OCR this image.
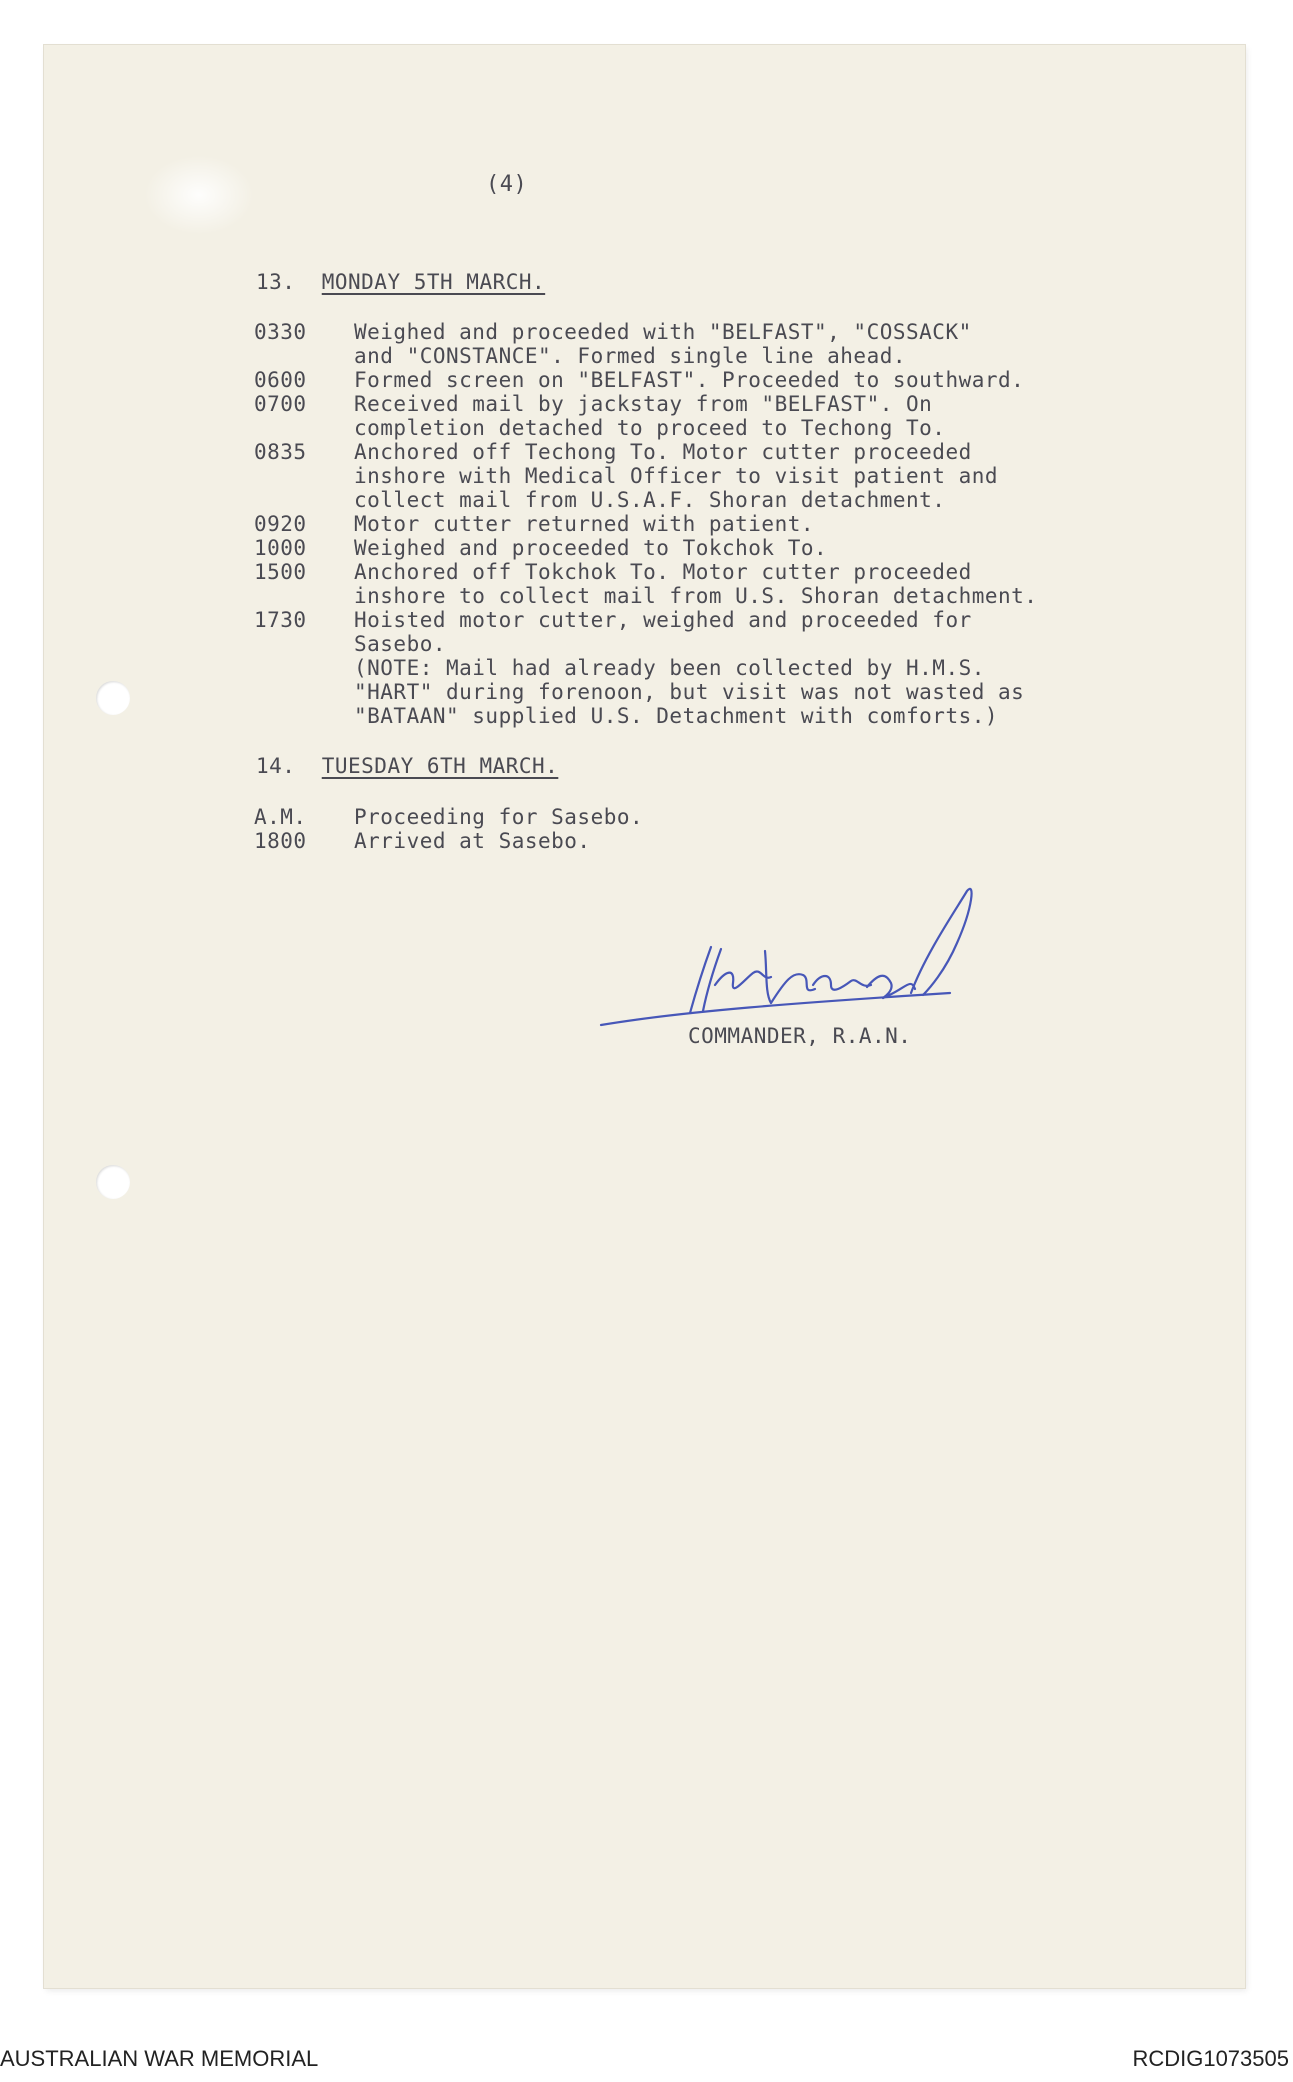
(4)
13. MONDAY 5TH MARCH.
0330	Weighed and proceeded with "BELFAST", "COSSACK"
and "CONSTANCE". Formed single line ahead.
0600	Formed screen on "BELFAST". Proceeded to southward.
0700	Received mail by jackstay from "BELFAST". On
completion detached to proceed to Techong To.
0835	Anchored off Techong To. Motor cutter proceeded
inshore with Medical Officer to visit patient and
collect mail from U.S.A.F. Shoran detachment.
0920	Motor cutter returned with patient.
1000	Weighed and proceeded to Tokchok To.
1500	Anchored off Tokchok To. Motor cutter proceeded
inshore to collect mail from U.S. Shoran detachment.
1730	Hoisted motor cutter, weighed and proceeded for
Sasebo.
(NOTE: Mail had already been collected by H.M.S.
"HART" during forenoon, but visit was not wasted as
"BATAAN" supplied U.S. Detachment with comforts.)
14. TUESDAY 6TH MARCH.
A.M.	Proceeding for Sasebo.
1800	Arrived at Sasebo.
COMMANDER, R.A.N.
AUSTRALIAN WAR MEMORIAL	RCDIG1073505
